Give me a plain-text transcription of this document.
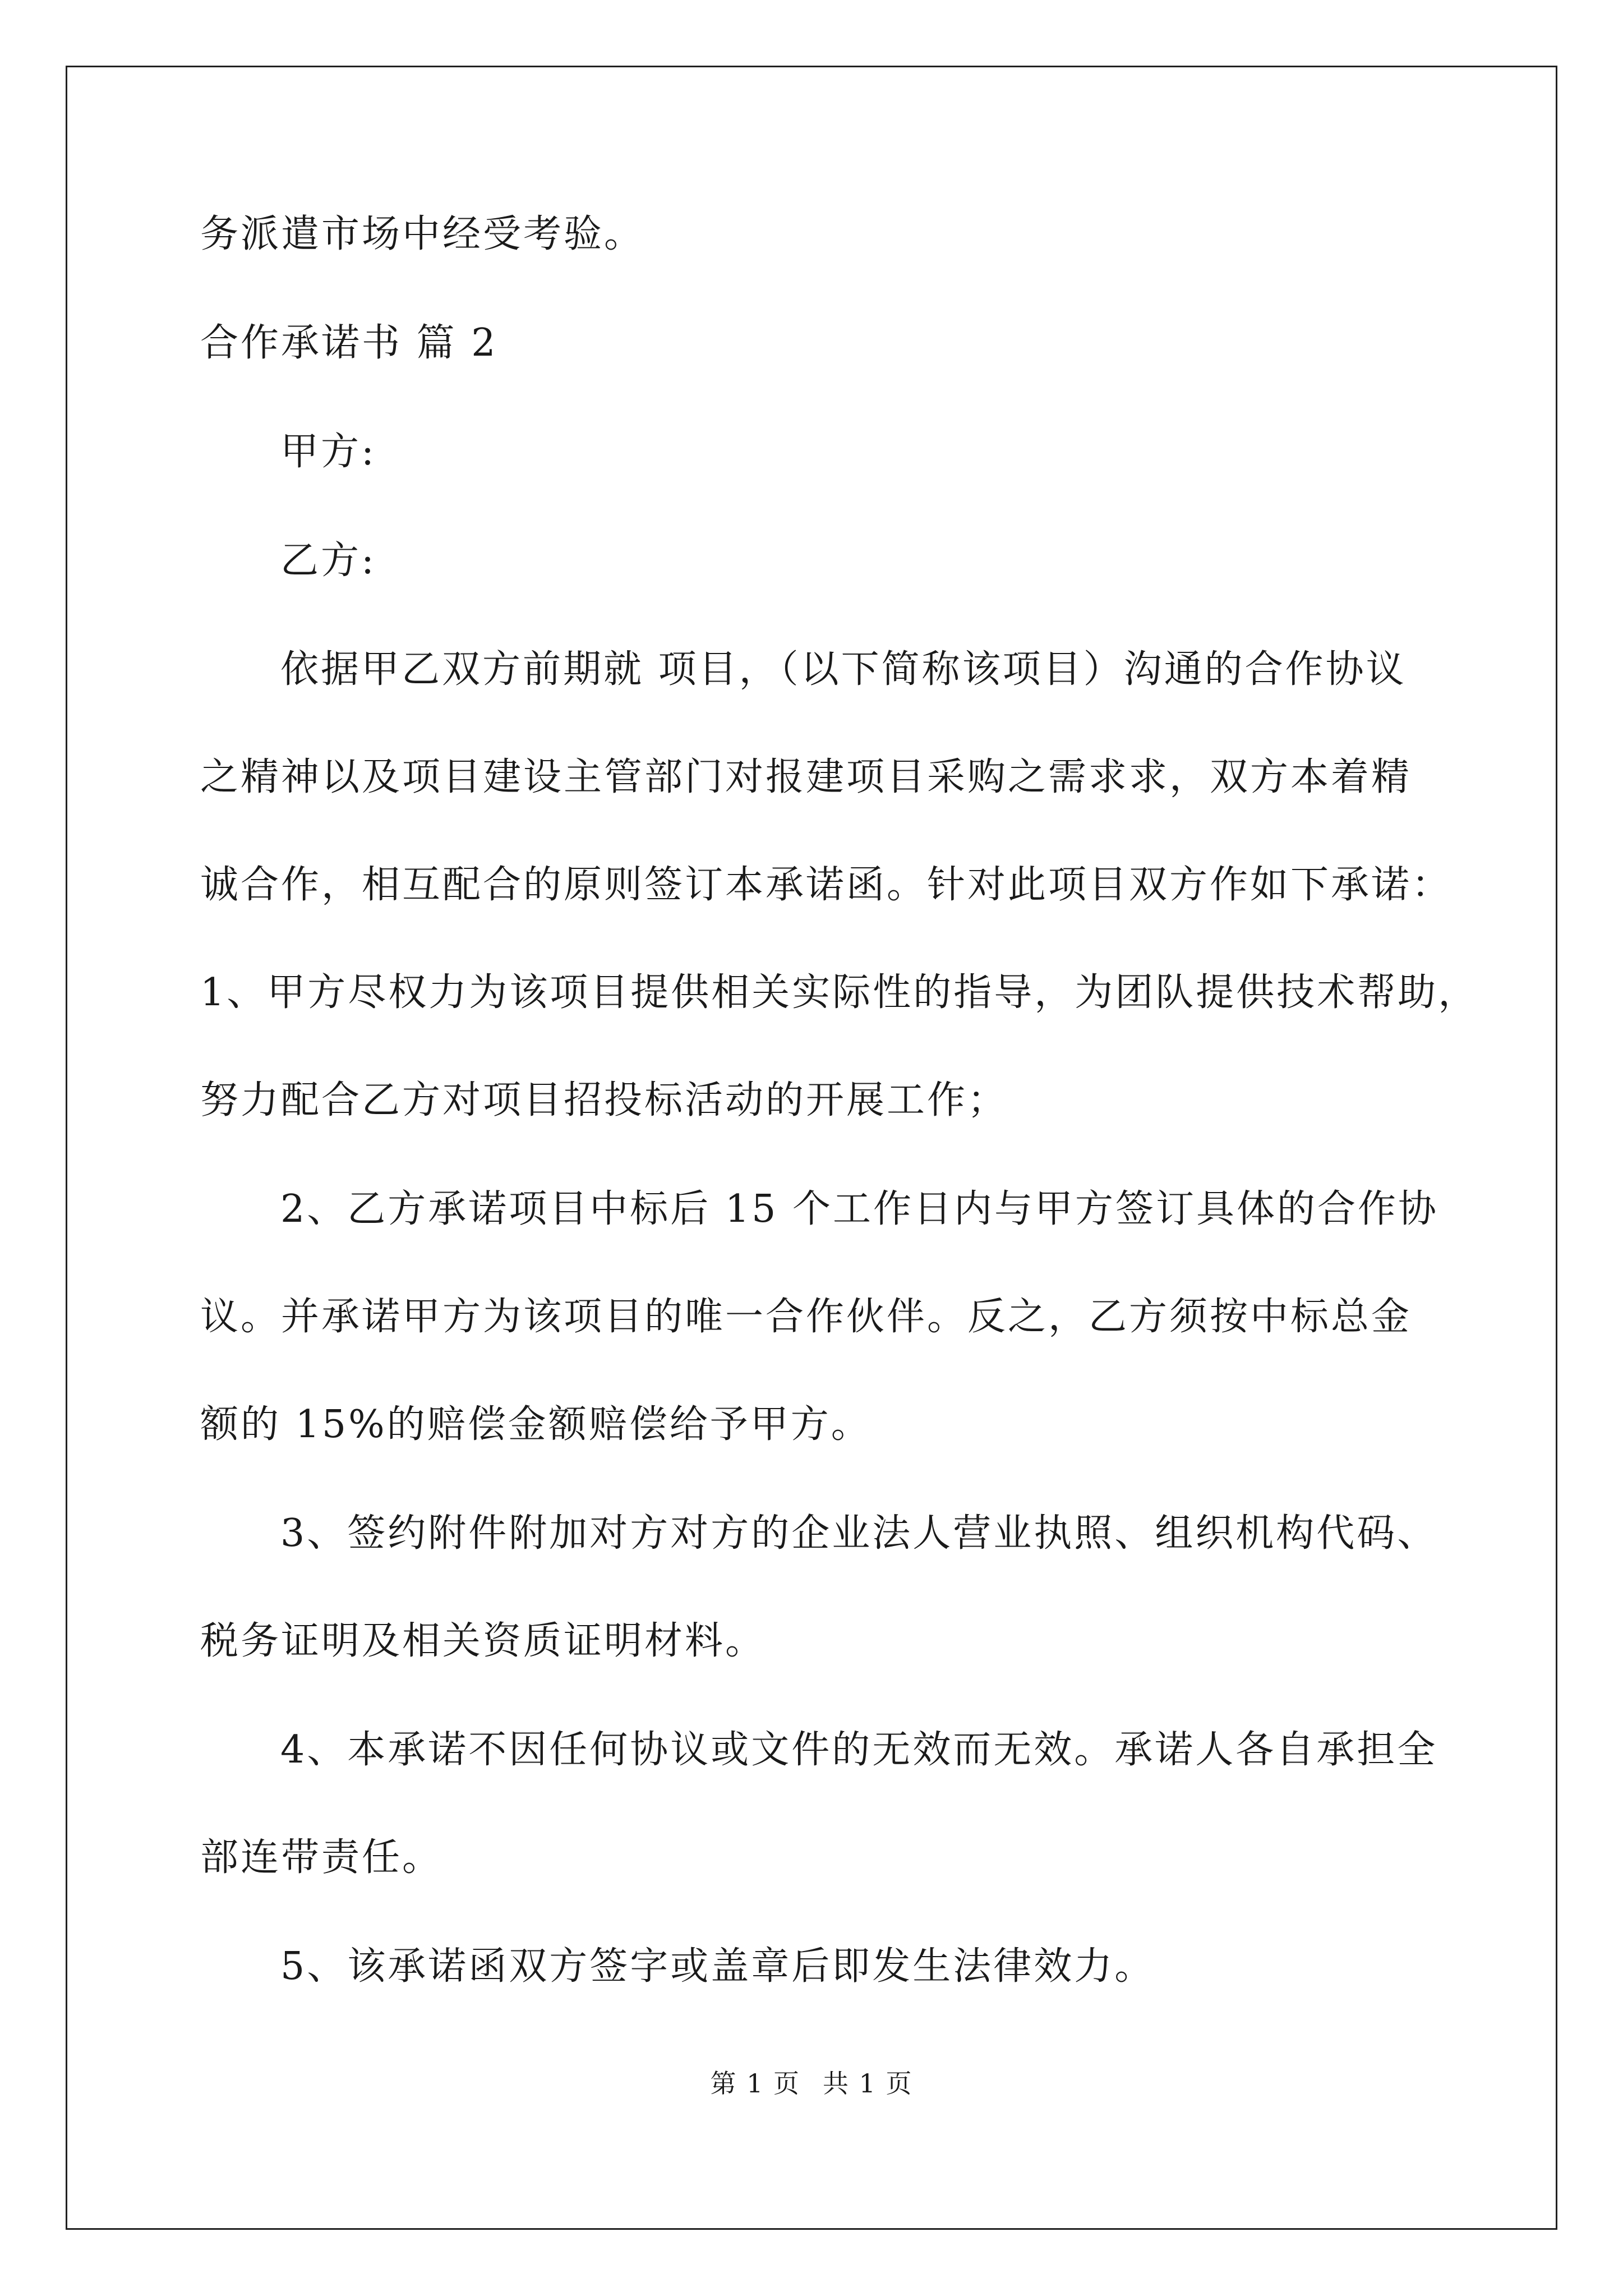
务派遣市场中经受考验。

合作承诺书 篇 2

甲方:

乙方:

依据甲乙双方前期就 项目，（以下简称该项目）沟通的合作协议

之精神以及项目建设主管部门对报建项目采购之需求求，双方本着精

诚合作，相互配合的原则签订本承诺函。针对此项目双方作如下承诺：

1、甲方尽权力为该项目提供相关实际性的指导，为团队提供技术帮助，

努力配合乙方对项目招投标活动的开展工作；

2、乙方承诺项目中标后 15 个工作日内与甲方签订具体的合作协

议。并承诺甲方为该项目的唯一合作伙伴。反之，乙方须按中标总金

额的 15%的赔偿金额赔偿给予甲方。

3、签约附件附加对方对方的企业法人营业执照、组织机构代码、

税务证明及相关资质证明材料。

4、本承诺不因任何协议或文件的无效而无效。承诺人各自承担全

部连带责任。

5、该承诺函双方签字或盖章后即发生法律效力。

第 1 页 共 1 页
